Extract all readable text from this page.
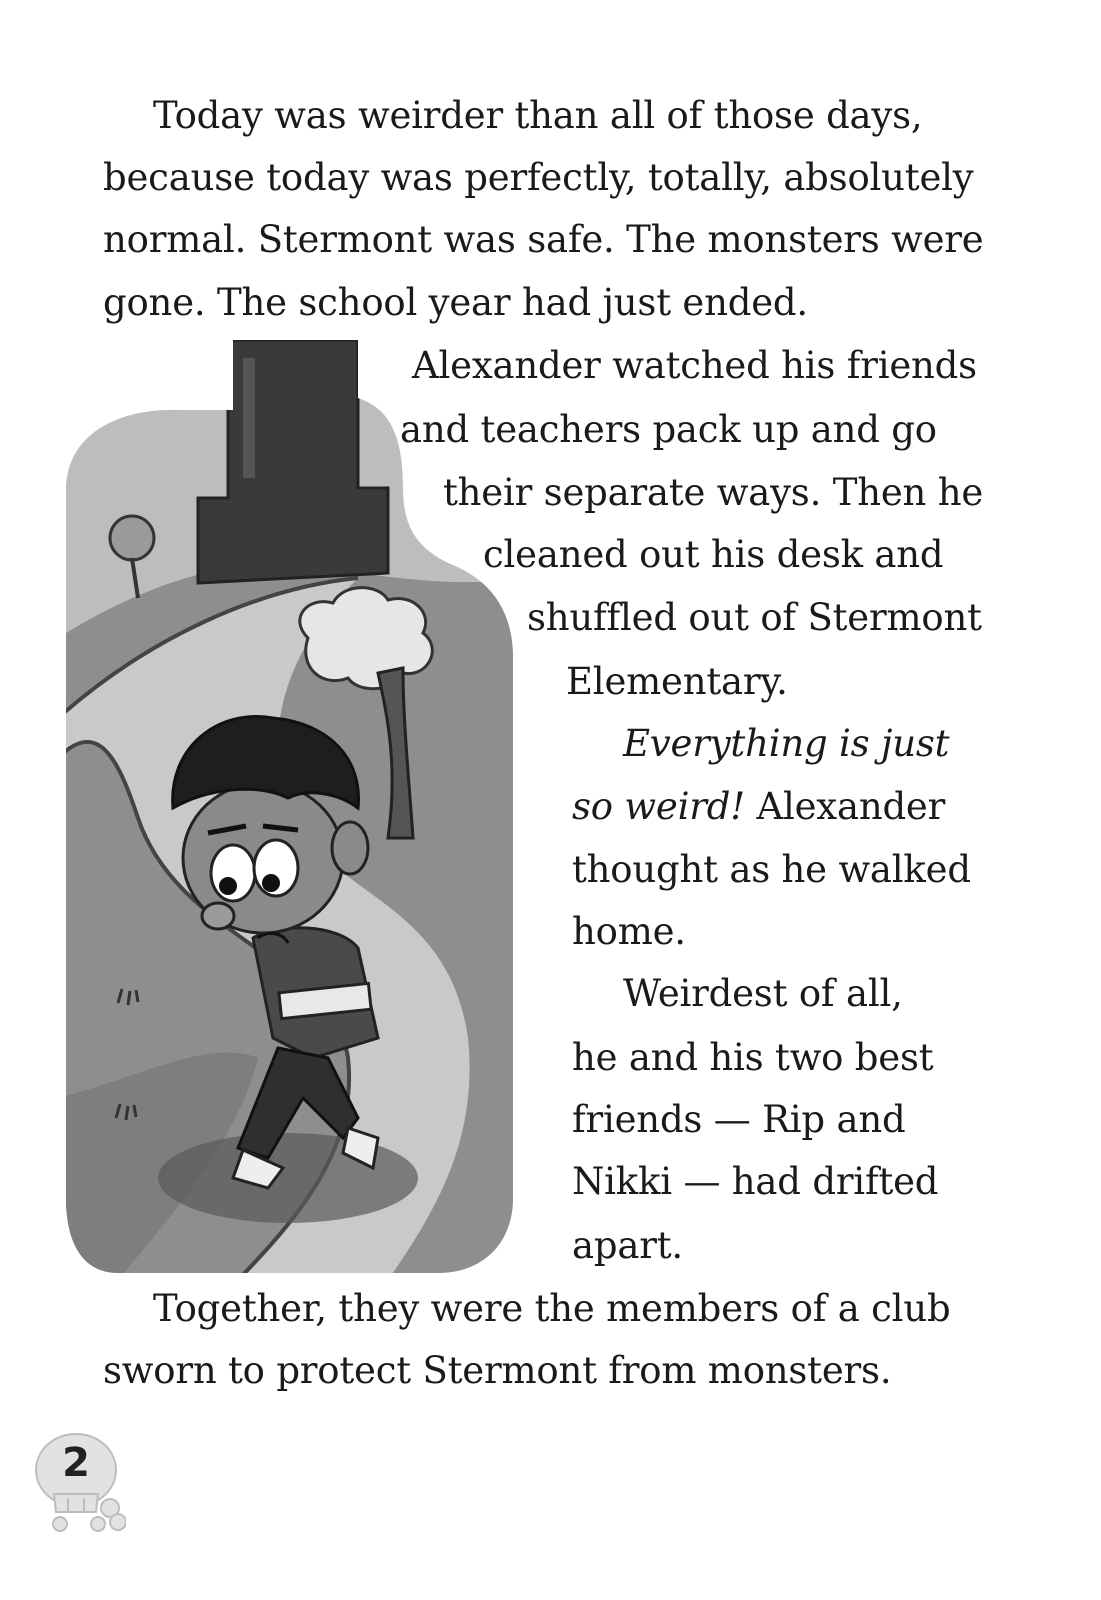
Today was weirder than all of those days,
because today was perfectly, totally, absolutely
normal. Stermont was safe. The monsters were
gone. The school year had just ended.
Alexander watched his friends
and teachers pack up and go
their separate ways. Then he
cleaned out his desk and
shuffled out of Stermont
Elementary.
Everything is just
so weird! Alexander
thought as he walked
home.
Weirdest of all,
he and his two best
friends — Rip and
Nikki — had drifted
apart.
Together, they were the members of a club
sworn to protect Stermont from monsters.
2
